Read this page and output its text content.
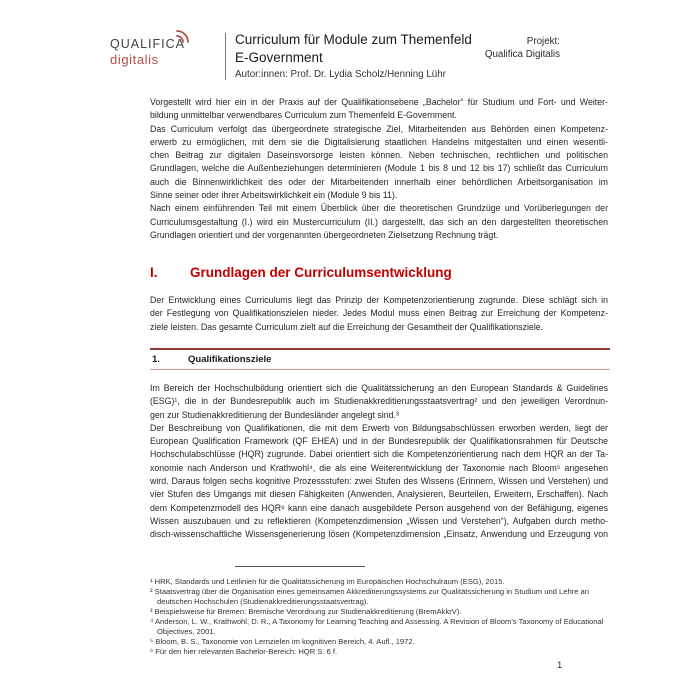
QUALIFICA
digitalis
Curriculum für Module zum Themenfeld
E-Government
Autor:innen: Prof. Dr. Lydia Scholz/Henning Lühr
Projekt:
Qualifica Digitalis
Vorgestellt wird hier ein in der Praxis auf der Qualifikationsebene „Bachelor“ für Studium und Fort- und Weiter-
bildung unmittelbar verwendbares Curriculum zum Themenfeld E-Government.
Das Curriculum verfolgt das übergeordnete strategische Ziel, Mitarbeitenden aus Behörden einen Kompetenz-
erwerb zu ermöglichen, mit dem sie die Digitalisierung staatlichen Handelns mitgestalten und einen wesentli-
chen Beitrag zur digitalen Daseinsvorsorge leisten können. Neben technischen, rechtlichen und politischen
Grundlagen, welche die Außenbeziehungen determinieren (Module 1 bis 8 und 12 bis 17) schließt das Curriculum
auch die Binnenwirklichkeit des oder der Mitarbeitenden innerhalb einer behördlichen Arbeitsorganisation im
Sinne seiner oder ihrer Arbeitswirklichkeit ein (Module 9 bis 11).
Nach einem einführenden Teil mit einem Überblick über die theoretischen Grundzüge und Vorüberlegungen der
Curriculumsgestaltung (I.) wird ein Mustercurriculum (II.) dargestellt, das sich an den dargestellten theoretischen
Grundlagen orientiert und der vorgenannten übergeordneten Zielsetzung Rechnung trägt.
I. Grundlagen der Curriculumsentwicklung
Der Entwicklung eines Curriculums liegt das Prinzip der Kompetenzorientierung zugrunde. Diese schlägt sich in
der Festlegung von Qualifikationszielen nieder. Jedes Modul muss einen Beitrag zur Erreichung der Kompetenz-
ziele leisten. Das gesamte Curriculum zielt auf die Erreichung der Gesamtheit der Qualifikationsziele.
1.	Qualifikationsziele
Im Bereich der Hochschulbildung orientiert sich die Qualitätssicherung an den European Standards & Guidelines
(ESG)¹, die in der Bundesrepublik auch im Studienakkreditierungsstaatsvertrag² und den jeweiligen Verordnun-
gen zur Studienakkreditierung der Bundesländer angelegt sind.³
Der Beschreibung von Qualifikationen, die mit dem Erwerb von Bildungsabschlüssen erworben werden, liegt der
European Qualification Framework (QF EHEA) und in der Bundesrepublik der Qualifikationsrahmen für Deutsche
Hochschulabschlüsse (HQR) zugrunde. Dabei orientiert sich die Kompetenzorientierung nach dem HQR an der Ta-
xonomie nach Anderson und Krathwohl⁴, die als eine Weiterentwicklung der Taxonomie nach Bloom⁵ angesehen
wird. Daraus folgen sechs kognitive Prozessstufen: zwei Stufen des Wissens (Erinnern, Wissen und Verstehen) und
vier Stufen des Umgangs mit diesen Fähigkeiten (Anwenden, Analysieren, Beurteilen, Erweitern, Erschaffen). Nach
dem Kompetenzmodell des HQR⁶ kann eine danach ausgebildete Person ausgehend von der Befähigung, eigenes
Wissen auszubauen und zu reflektieren (Kompetenzdimension „Wissen und Verstehen“), Aufgaben durch metho-
disch-wissenschaftliche Wissensgenerierung lösen (Kompetenzdimension „Einsatz, Anwendung und Erzeugung von
¹ HRK, Standards und Leitlinien für die Qualitätssicherung im Europäischen Hochschulraum (ESG), 2015.
² Staatsvertrag über die Organisation eines gemeinsamen Akkreditierungssystems zur Qualitätssicherung in Studium und Lehre an deutschen Hochschulen (Studienakkreditierungsstaatsvertrag).
³ Beispielsweise für Bremen: Bremische Verordnung zur Studienakkreditierung (BremAkkrV).
⁴ Anderson, L. W., Krathwohl, D. R., A Taxonomy for Learning Teaching and Assessing. A Revision of Bloom's Taxonomy of Educational Objectives, 2001.
⁵ Bloom, B. S., Taxonomie von Lernzielen im kognitiven Bereich, 4. Aufl., 1972.
⁶ Für den hier relevanten Bachelor-Bereich: HQR S. 6 f.
1
